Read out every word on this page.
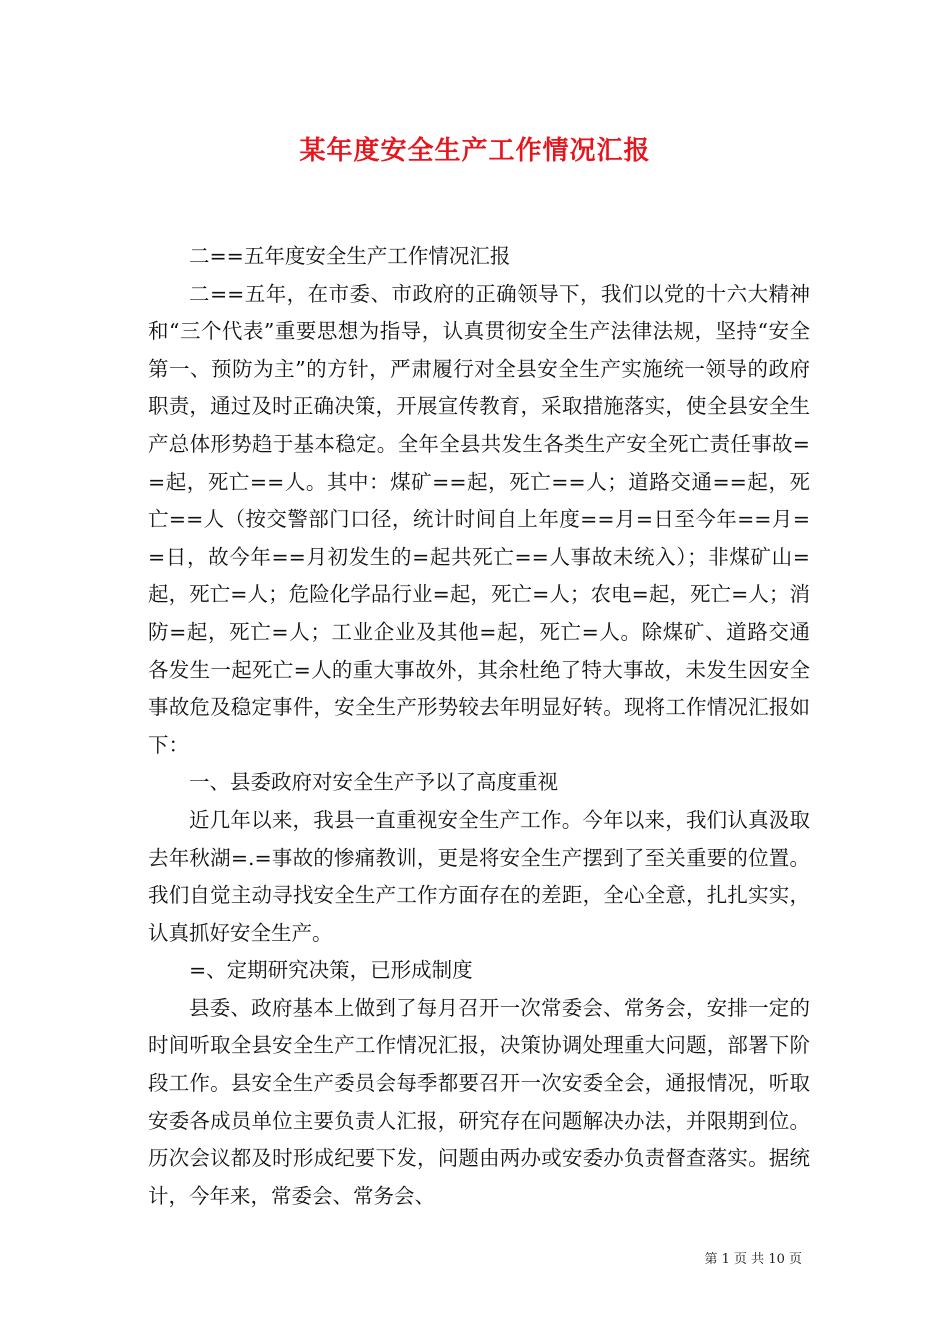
某年度安全生产工作情况汇报

二==五年度安全生产工作情况汇报

二==五年，在市委、市政府的正确领导下，我们以党的十六大精神和“三个代表”重要思想为指导，认真贯彻安全生产法律法规，坚持“安全第一、预防为主”的方针，严肃履行对全县安全生产实施统一领导的政府职责，通过及时正确决策，开展宣传教育，采取措施落实，使全县安全生产总体形势趋于基本稳定。全年全县共发生各类生产安全死亡责任事故==起，死亡==人。其中：煤矿==起，死亡==人；道路交通==起，死亡==人（按交警部门口径，统计时间自上年度==月=日至今年==月==日，故今年==月初发生的=起共死亡==人事故未统入）；非煤矿山=起，死亡=人；危险化学品行业=起，死亡=人；农电=起，死亡=人；消防=起，死亡=人；工业企业及其他=起，死亡=人。除煤矿、道路交通各发生一起死亡=人的重大事故外，其余杜绝了特大事故，未发生因安全事故危及稳定事件，安全生产形势较去年明显好转。现将工作情况汇报如下：

一、县委政府对安全生产予以了高度重视

近几年以来，我县一直重视安全生产工作。今年以来，我们认真汲取去年秋湖=.=事故的惨痛教训，更是将安全生产摆到了至关重要的位置。我们自觉主动寻找安全生产工作方面存在的差距，全心全意，扎扎实实，认真抓好安全生产。

=、定期研究决策，已形成制度

县委、政府基本上做到了每月召开一次常委会、常务会，安排一定的时间听取全县安全生产工作情况汇报，决策协调处理重大问题，部署下阶段工作。县安全生产委员会每季都要召开一次安委全会，通报情况，听取安委各成员单位主要负责人汇报，研究存在问题解决办法，并限期到位。历次会议都及时形成纪要下发，问题由两办或安委办负责督查落实。据统计，今年来，常委会、常务会、

第 1 页 共 10 页
